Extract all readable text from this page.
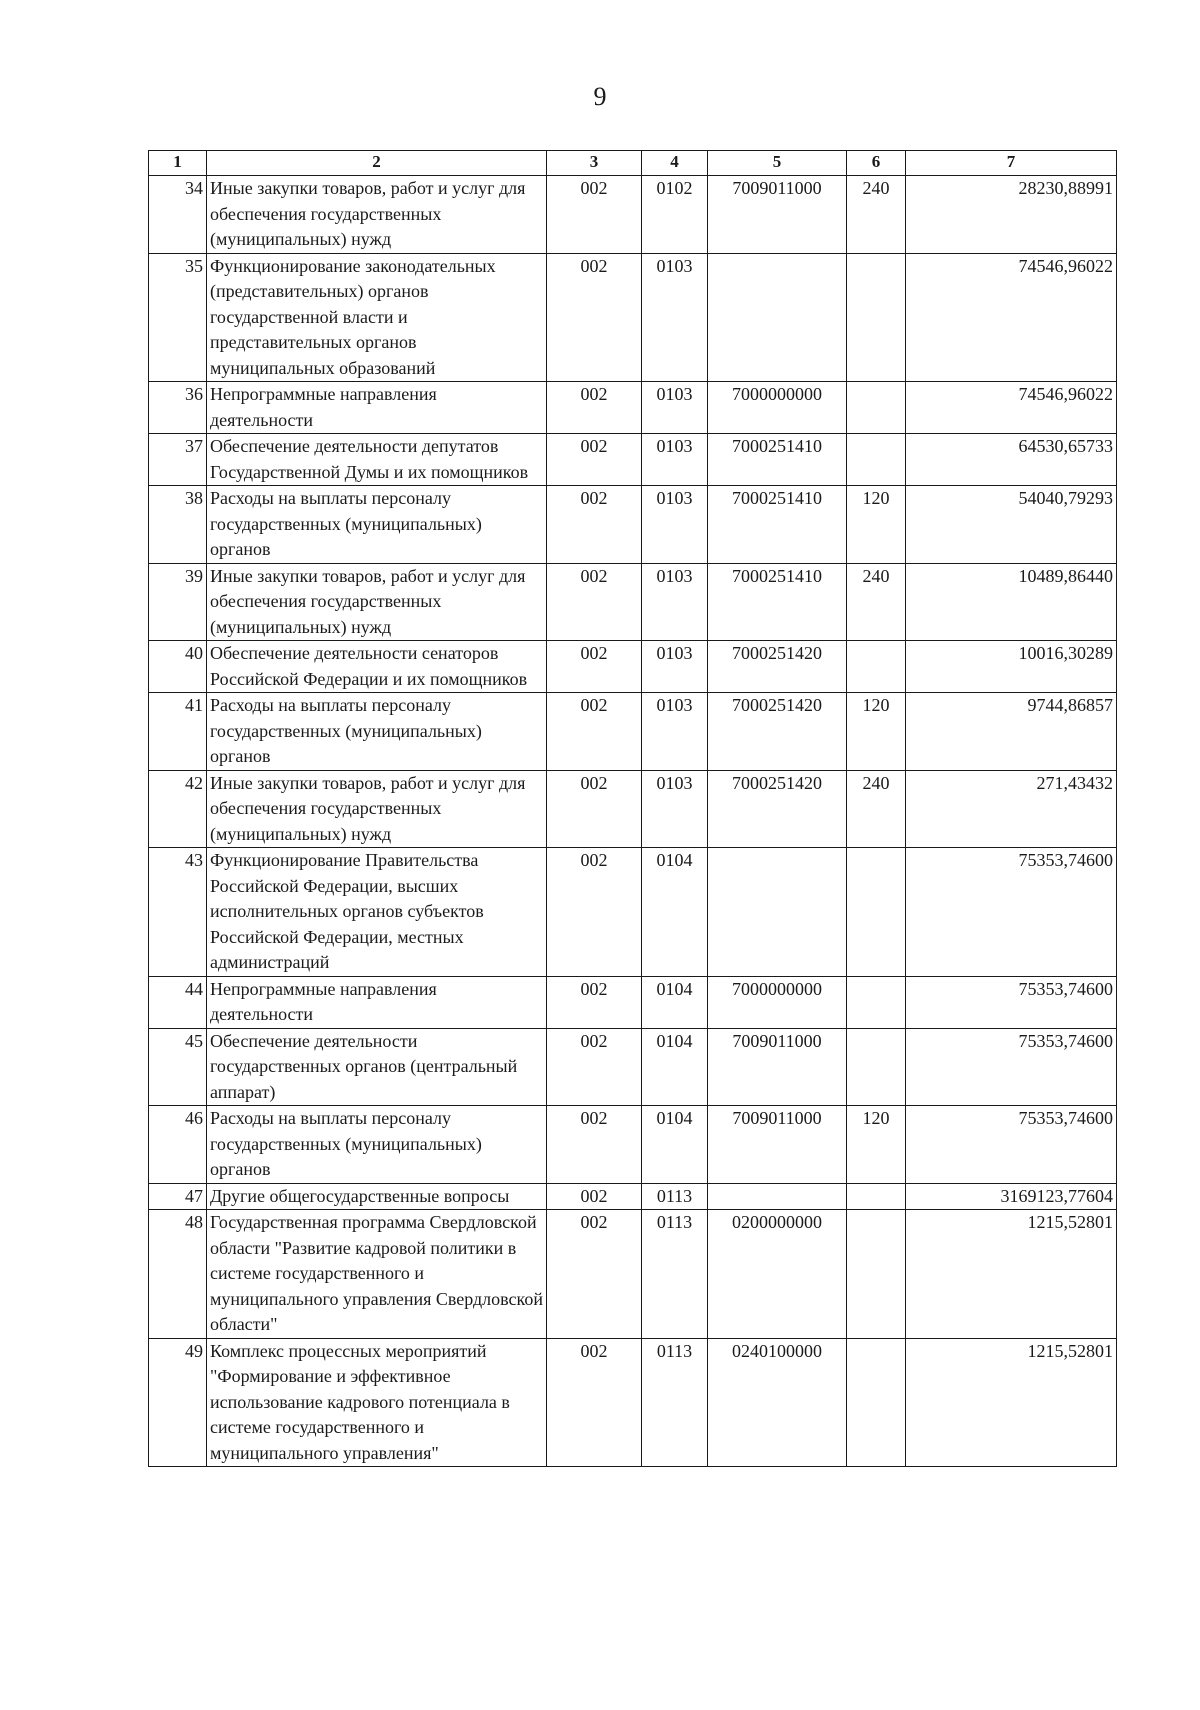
9
1	2	3	4	5	6	7
34	Иные закупки товаров, работ и услуг для обеспечения государственных (муниципальных) нужд	002	0102	7009011000	240	28230,88991
35	Функционирование законодательных (представительных) органов государственной власти и представительных органов муниципальных образований	002	0103			74546,96022
36	Непрограммные направления деятельности	002	0103	7000000000		74546,96022
37	Обеспечение деятельности депутатов Государственной Думы и их помощников	002	0103	7000251410		64530,65733
38	Расходы на выплаты персоналу государственных (муниципальных) органов	002	0103	7000251410	120	54040,79293
39	Иные закупки товаров, работ и услуг для обеспечения государственных (муниципальных) нужд	002	0103	7000251410	240	10489,86440
40	Обеспечение деятельности сенаторов Российской Федерации и их помощников	002	0103	7000251420		10016,30289
41	Расходы на выплаты персоналу государственных (муниципальных) органов	002	0103	7000251420	120	9744,86857
42	Иные закупки товаров, работ и услуг для обеспечения государственных (муниципальных) нужд	002	0103	7000251420	240	271,43432
43	Функционирование Правительства Российской Федерации, высших исполнительных органов субъектов Российской Федерации, местных администраций	002	0104			75353,74600
44	Непрограммные направления деятельности	002	0104	7000000000		75353,74600
45	Обеспечение деятельности государственных органов (центральный аппарат)	002	0104	7009011000		75353,74600
46	Расходы на выплаты персоналу государственных (муниципальных) органов	002	0104	7009011000	120	75353,74600
47	Другие общегосударственные вопросы	002	0113			3169123,77604
48	Государственная программа Свердловской области "Развитие кадровой политики в системе государственного и муниципального управления Свердловской области"	002	0113	0200000000		1215,52801
49	Комплекс процессных мероприятий "Формирование и эффективное использование кадрового потенциала в системе государственного и муниципального управления"	002	0113	0240100000		1215,52801
